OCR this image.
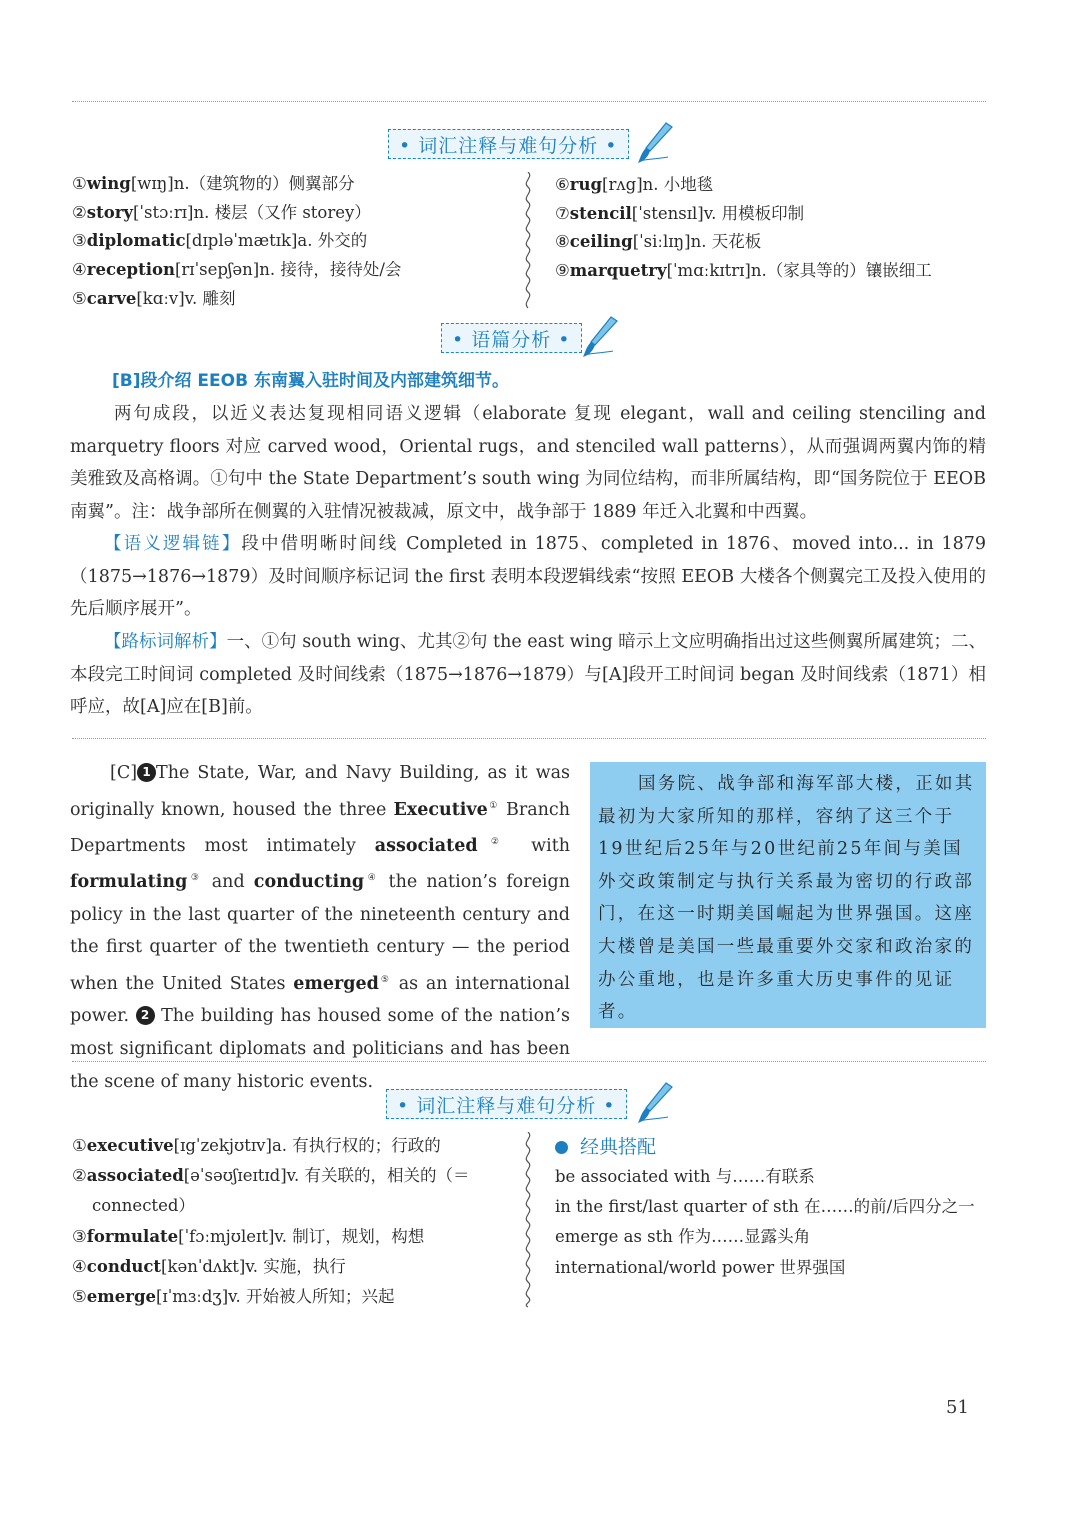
• 词汇注释与难句分析 •
①wing[wɪŋ]n.（建筑物的）侧翼部分
②story[ˈstɔːrɪ]n. 楼层（又作 storey）
③diplomatic[dɪpləˈmætɪk]a. 外交的
④reception[rɪˈsepʃən]n. 接待，接待处/会
⑤carve[kɑːv]v. 雕刻
⑥rug[rʌg]n. 小地毯
⑦stencil[ˈstensɪl]v. 用模板印制
⑧ceiling[ˈsiːlɪŋ]n. 天花板
⑨marquetry[ˈmɑːkɪtrɪ]n.（家具等的）镶嵌细工
• 语篇分析 •
[B]段介绍 EEOB 东南翼入驻时间及内部建筑细节。
两句成段，以近义表达复现相同语义逻辑（elaborate 复现 elegant，wall and ceiling stenciling and marquetry floors 对应 carved wood，Oriental rugs，and stenciled wall patterns），从而强调两翼内饰的精美雅致及高格调。①句中 the State Department’s south wing 为同位结构，而非所属结构，即“国务院位于 EEOB 南翼”。注：战争部所在侧翼的入驻情况被裁减，原文中，战争部于 1889 年迁入北翼和中西翼。
【语义逻辑链】段中借明晰时间线 Completed in 1875、completed in 1876、moved into... in 1879（1875→1876→1879）及时间顺序标记词 the first 表明本段逻辑线索“按照 EEOB 大楼各个侧翼完工及投入使用的先后顺序展开”。
【路标词解析】一、①句 south wing、尤其②句 the east wing 暗示上文应明确指出过这些侧翼所属建筑；二、本段完工时间词 completed 及时间线索（1875→1876→1879）与[A]段开工时间词 began 及时间线索（1871）相呼应，故[A]应在[B]前。
[C] 1 The State, War, and Navy Building, as it was originally known, housed the three Executive① Branch Departments most intimately associated② with formulating③ and conducting④ the nation’s foreign policy in the last quarter of the nineteenth century and the first quarter of the twentieth century — the period when the United States emerged⑤ as an international power. 2 The building has housed some of the nation’s most significant diplomats and politicians and has been the scene of many historic events.
国务院、战争部和海军部大楼，正如其最初为大家所知的那样，容纳了这三个于19世纪后25年与20世纪前25年间与美国外交政策制定与执行关系最为密切的行政部门，在这一时期美国崛起为世界强国。这座大楼曾是美国一些最重要外交家和政治家的办公重地，也是许多重大历史事件的见证者。
• 词汇注释与难句分析 •
①executive[ɪgˈzekjʊtɪv]a. 有执行权的；行政的
②associated[əˈsəʊʃɪeɪtɪd]v. 有关联的，相关的（＝
connected）
③formulate[ˈfɔːmjʊleɪt]v. 制订，规划，构想
④conduct[kənˈdʌkt]v. 实施，执行
⑤emerge[ɪˈmɜːdʒ]v. 开始被人所知；兴起
经典搭配
be associated with 与……有联系
in the first/last quarter of sth 在……的前/后四分之一
emerge as sth 作为……显露头角
international/world power 世界强国
51
